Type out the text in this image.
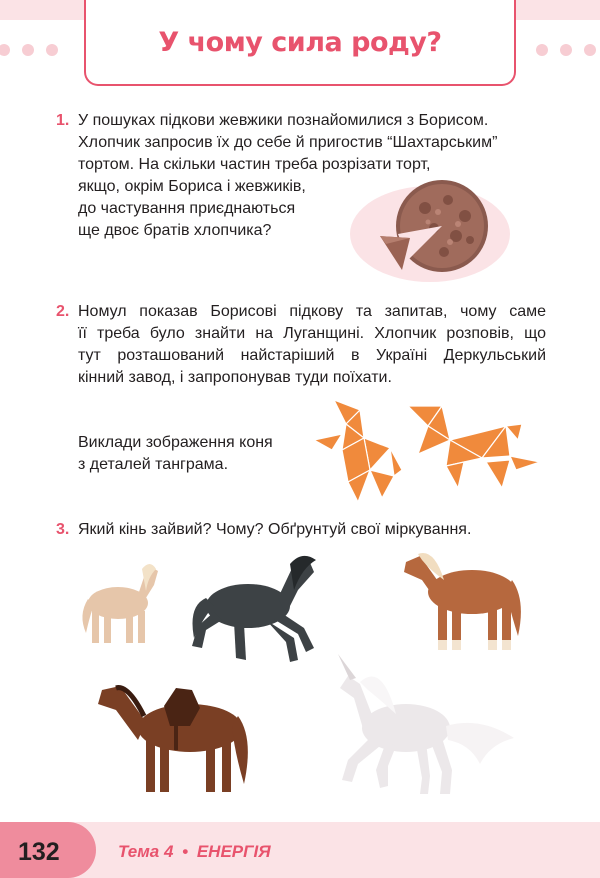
У чому сила роду?
1. У пошуках підкови жевжики познайомилися з Борисом.
Хлопчик запросив їх до себе й пригостив “Шахтарським”
тортом. На скільки частин треба розрізати торт,
якщо, окрім Бориса і жевжиків,
до частування приєднаються
ще двоє братів хлопчика?
2. Номул показав Борисові підкову та запитав, чому саме
її треба було знайти на Луганщині. Хлопчик розповів, що
тут розташований найстаріший в Україні Деркульський
кінний завод, і запропонував туди поїхати.
Виклади зображення коня
з деталей танграма.
3. Який кінь зайвий? Чому? Обґрунтуй свої міркування.
132	Тема 4 • ЕНЕРГІЯ
